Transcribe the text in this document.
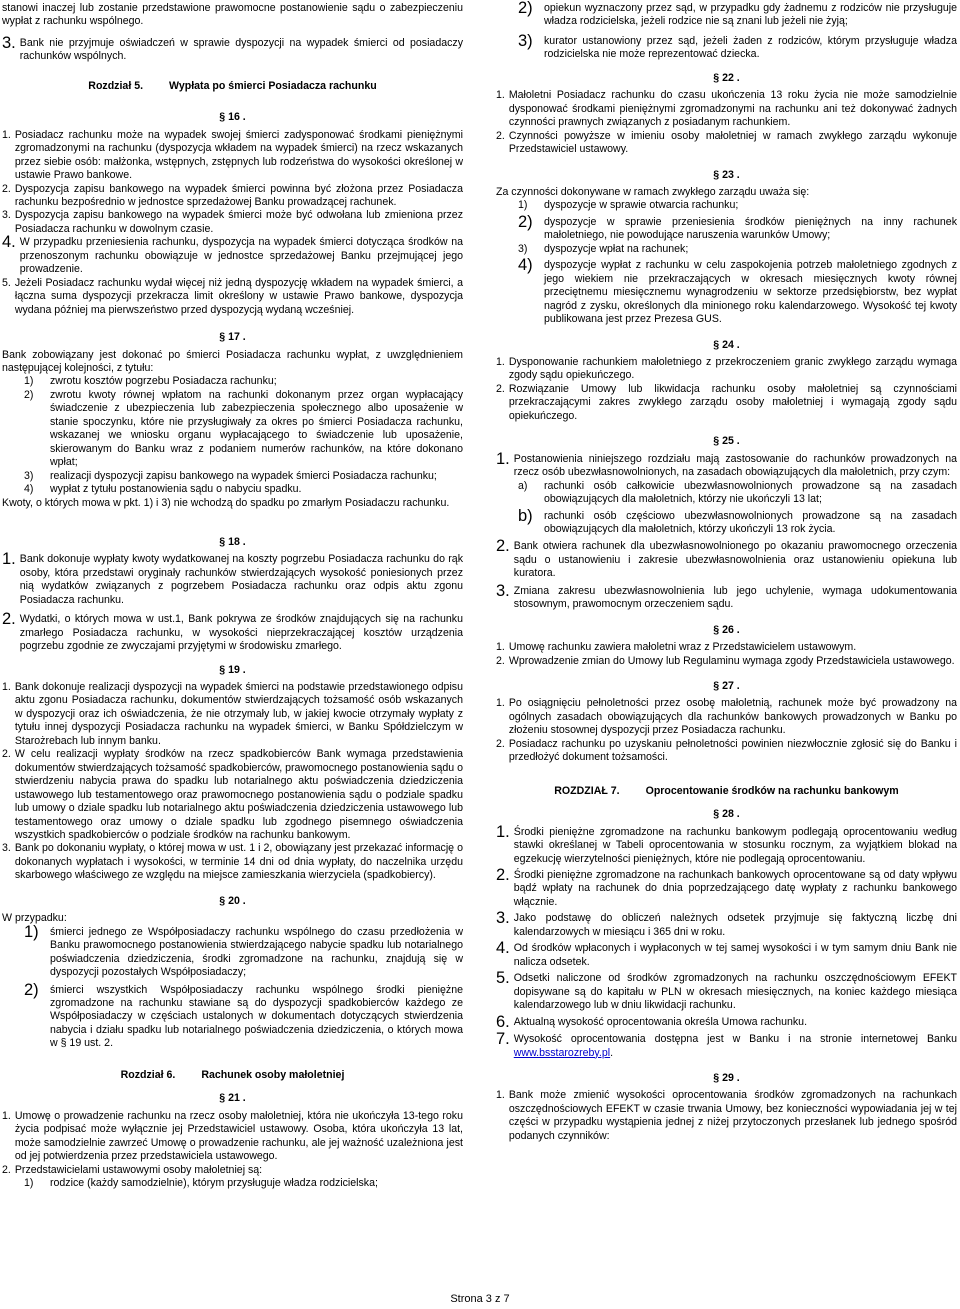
stanowi inaczej lub zostanie przedstawione prawomocne postanowienie sądu o zabezpieczeniu wypłat z rachunku wspólnego.

3. Bank nie przyjmuje oświadczeń w sprawie dyspozycji na wypadek śmierci od posiadaczy rachunków wspólnych.
Rozdział 5. Wypłata po śmierci Posiadacza rachunku
§ 16 .
1. Posiadacz rachunku może na wypadek swojej śmierci zadysponować środkami pieniężnymi zgromadzonymi na rachunku (dyspozycja wkładem na wypadek śmierci) na rzecz wskazanych przez siebie osób: małżonka, wstępnych, zstępnych lub rodzeństwa do wysokości określonej w ustawie Prawo bankowe.
2. Dyspozycja zapisu bankowego na wypadek śmierci powinna być złożona przez Posiadacza rachunku bezpośrednio w jednostce sprzedażowej Banku prowadzącej rachunek.
3. Dyspozycja zapisu bankowego na wypadek śmierci może być odwołana lub zmieniona przez Posiadacza rachunku w dowolnym czasie.
4. W przypadku przeniesienia rachunku, dyspozycja na wypadek śmierci dotycząca środków na przenoszonym rachunku obowiązuje w jednostce sprzedażowej Banku przejmującej jego prowadzenie.
5. Jeżeli Posiadacz rachunku wydał więcej niż jedną dyspozycję wkładem na wypadek śmierci, a łączna suma dyspozycji przekracza limit określony w ustawie Prawo bankowe, dyspozycja wydana później ma pierwszeństwo przed dyspozycją wydaną wcześniej.
§ 17 .

Bank zobowiązany jest dokonać po śmierci Posiadacza rachunku wypłat, z uwzględnieniem następującej kolejności, z tytułu:

1)	zwrotu kosztów pogrzebu Posiadacza rachunku;
2)	zwrotu kwoty równej wpłatom na rachunki dokonanym przez organ wypłacający świadczenie z ubezpieczenia lub zabezpieczenia społecznego albo uposażenie w stanie spoczynku, które nie przysługiwały za okres po śmierci Posiadacza rachunku, wskazanej we wniosku organu wypłacającego to świadczenie lub uposażenie, skierowanym do Banku wraz z podaniem numerów rachunków, na które dokonano wpłat;
3)	realizacji dyspozycji zapisu bankowego na wypadek śmierci Posiadacza rachunku;
4)	wypłat z tytułu postanowienia sądu o nabyciu spadku.

Kwoty, o których mowa w pkt. 1) i 3) nie wchodzą do spadku po zmarłym Posiadaczu rachunku.

§ 18 .
1. Bank dokonuje wypłaty kwoty wydatkowanej na koszty pogrzebu Posiadacza rachunku do rąk osoby, która przedstawi oryginały rachunków stwierdzających wysokość poniesionych przez nią wydatków związanych z pogrzebem Posiadacza rachunku oraz odpis aktu zgonu Posiadacza rachunku.
2. Wydatki, o których mowa w ust.1, Bank pokrywa ze środków znajdujących się na rachunku zmarłego Posiadacza rachunku, w wysokości nieprzekraczającej kosztów urządzenia pogrzebu zgodnie ze zwyczajami przyjętymi w środowisku zmarłego.
§ 19 .
1. Bank dokonuje realizacji dyspozycji na wypadek śmierci na podstawie przedstawionego odpisu aktu zgonu Posiadacza rachunku, dokumentów stwierdzających tożsamość osób wskazanych w dyspozycji oraz ich oświadczenia, że nie otrzymały lub, w jakiej kwocie otrzymały wypłaty z tytułu innej dyspozycji Posiadacza rachunku na wypadek śmierci, w Banku Spółdzielczym w Starożrebach lub innym banku.
2. W celu realizacji wypłaty środków na rzecz spadkobierców Bank wymaga przedstawienia dokumentów stwierdzających tożsamość spadkobierców, prawomocnego postanowienia sądu o stwierdzeniu nabycia prawa do spadku lub notarialnego aktu poświadczenia dziedziczenia ustawowego lub testamentowego oraz prawomocnego postanowienia sądu o podziale spadku lub umowy o dziale spadku lub notarialnego aktu poświadczenia dziedziczenia ustawowego lub testamentowego oraz umowy o dziale spadku lub zgodnego pisemnego oświadczenia wszystkich spadkobierców o podziale środków na rachunku bankowym.
3. Bank po dokonaniu wypłaty, o której mowa w ust. 1 i 2, obowiązany jest przekazać informację o dokonanych wypłatach i wysokości, w terminie 14 dni od dnia wypłaty, do naczelnika urzędu skarbowego właściwego ze względu na miejsce zamieszkania wierzyciela (spadkobiercy).
§ 20 .

W przypadku:

1)	śmierci jednego ze Współposiadaczy rachunku wspólnego do czasu przedłożenia w Banku prawomocnego postanowienia stwierdzającego nabycie spadku lub notarialnego poświadczenia dziedziczenia, środki zgromadzone na rachunku, znajdują się w dyspozycji pozostałych Współposiadaczy;
2)	śmierci wszystkich Współposiadaczy rachunku wspólnego środki pieniężne zgromadzone na rachunku stawiane są do dyspozycji spadkobierców każdego ze Współposiadaczy w częściach ustalonych w dokumentach dotyczących stwierdzenia nabycia i działu spadku lub notarialnego poświadczenia dziedziczenia, o których mowa w § 19 ust. 2.
Rozdział 6. Rachunek osoby małoletniej
§ 21 .
1. Umowę o prowadzenie rachunku na rzecz osoby małoletniej, która nie ukończyła 13-tego roku życia podpisać może wyłącznie jej Przedstawiciel ustawowy. Osoba, która ukończyła 13 lat, może samodzielnie zawrzeć Umowę o prowadzenie rachunku, ale jej ważność uzależniona jest od jej potwierdzenia przez przedstawiciela ustawowego.
2. Przedstawicielami ustawowymi osoby małoletniej są:
1)	rodzice (każdy samodzielnie), którym przysługuje władza rodzicielska;
2)	opiekun wyznaczony przez sąd, w przypadku gdy żadnemu z rodziców nie przysługuje władza rodzicielska, jeżeli rodzice nie są znani lub jeżeli nie żyją;
3)	kurator ustanowiony przez sąd, jeżeli żaden z rodziców, którym przysługuje władza rodzicielska nie może reprezentować dziecka.
§ 22 .
1. Małoletni Posiadacz rachunku do czasu ukończenia 13 roku życia nie może samodzielnie dysponować środkami pieniężnymi zgromadzonymi na rachunku ani też dokonywać żadnych czynności prawnych związanych z posiadanym rachunkiem.
2. Czynności powyższe w imieniu osoby małoletniej w ramach zwykłego zarządu wykonuje Przedstawiciel ustawowy.
§ 23 .

Za czynności dokonywane w ramach zwykłego zarządu uważa się:

1)	dyspozycje w sprawie otwarcia rachunku;
2)	dyspozycje w sprawie przeniesienia środków pieniężnych na inny rachunek małoletniego, nie powodujące naruszenia warunków Umowy;
3)	dyspozycje wpłat na rachunek;
4)	dyspozycje wypłat z rachunku w celu zaspokojenia potrzeb małoletniego zgodnych z jego wiekiem nie przekraczających w okresach miesięcznych kwoty równej przeciętnemu miesięcznemu wynagrodzeniu w sektorze przedsiębiorstw, bez wypłat nagród z zysku, określonych dla minionego roku kalendarzowego. Wysokość tej kwoty publikowana jest przez Prezesa GUS.
§ 24 .
1. Dysponowanie rachunkiem małoletniego z przekroczeniem granic zwykłego zarządu wymaga zgody sądu opiekuńczego.
2. Rozwiązanie Umowy lub likwidacja rachunku osoby małoletniej są czynnościami przekraczającymi zakres zwykłego zarządu osoby małoletniej i wymagają zgody sądu opiekuńczego.
§ 25 .
1. Postanowienia niniejszego rozdziału mają zastosowanie do rachunków prowadzonych na rzecz osób ubezwłasnowolnionych, na zasadach obowiązujących dla małoletnich, przy czym:
a)	rachunki osób całkowicie ubezwłasnowolnionych prowadzone są na zasadach obowiązujących dla małoletnich, którzy nie ukończyli 13 lat;
b)	rachunki osób częściowo ubezwłasnowolnionych prowadzone są na zasadach obowiązujących dla małoletnich, którzy ukończyli 13 rok życia.
2. Bank otwiera rachunek dla ubezwłasnowolnionego po okazaniu prawomocnego orzeczenia sądu o ustanowieniu i zakresie ubezwłasnowolnienia oraz ustanowieniu opiekuna lub kuratora.
3. Zmiana zakresu ubezwłasnowolnienia lub jego uchylenie, wymaga udokumentowania stosownym, prawomocnym orzeczeniem sądu.
§ 26 .
1. Umowę rachunku zawiera małoletni wraz z Przedstawicielem ustawowym.
2. Wprowadzenie zmian do Umowy lub Regulaminu wymaga zgody Przedstawiciela ustawowego.
§ 27 .
1. Po osiągnięciu pełnoletności przez osobę małoletnią, rachunek może być prowadzony na ogólnych zasadach obowiązujących dla rachunków bankowych prowadzonych w Banku po złożeniu stosownej dyspozycji przez Posiadacza rachunku.
2. Posiadacz rachunku po uzyskaniu pełnoletności powinien niezwłocznie zgłosić się do Banku i przedłożyć dokument tożsamości.
ROZDZIAŁ 7. Oprocentowanie środków na rachunku bankowym
§ 28 .
1. Środki pieniężne zgromadzone na rachunku bankowym podlegają oprocentowaniu według stawki określanej w Tabeli oprocentowania w stosunku rocznym, za wyjątkiem blokad na egzekucję wierzytelności pieniężnych, które nie podlegają oprocentowaniu.
2. Środki pieniężne zgromadzone na rachunkach bankowych oprocentowane są od daty wpływu bądź wpłaty na rachunek do dnia poprzedzającego datę wypłaty z rachunku bankowego włącznie.
3. Jako podstawę do obliczeń należnych odsetek przyjmuje się faktyczną liczbę dni kalendarzowych w miesiącu i 365 dni w roku.
4. Od środków wpłaconych i wypłaconych w tej samej wysokości i w tym samym dniu Bank nie nalicza odsetek.
5. Odsetki naliczone od środków zgromadzonych na rachunku oszczędnościowym EFEKT dopisywane są do kapitału w PLN w okresach miesięcznych, na koniec każdego miesiąca kalendarzowego lub w dniu likwidacji rachunku.
6. Aktualną wysokość oprocentowania określa Umowa rachunku.
7. Wysokość oprocentowania dostępna jest w Banku i na stronie internetowej Banku www.bsstarozreby.pl.
§ 29 .
1. Bank może zmienić wysokości oprocentowania środków zgromadzonych na rachunkach oszczędnościowych EFEKT w czasie trwania Umowy, bez konieczności wypowiadania jej w tej części w przypadku wystąpienia jednej z niżej przytoczonych przesłanek lub jednego spośród podanych czynników:
Strona 3 z 7
